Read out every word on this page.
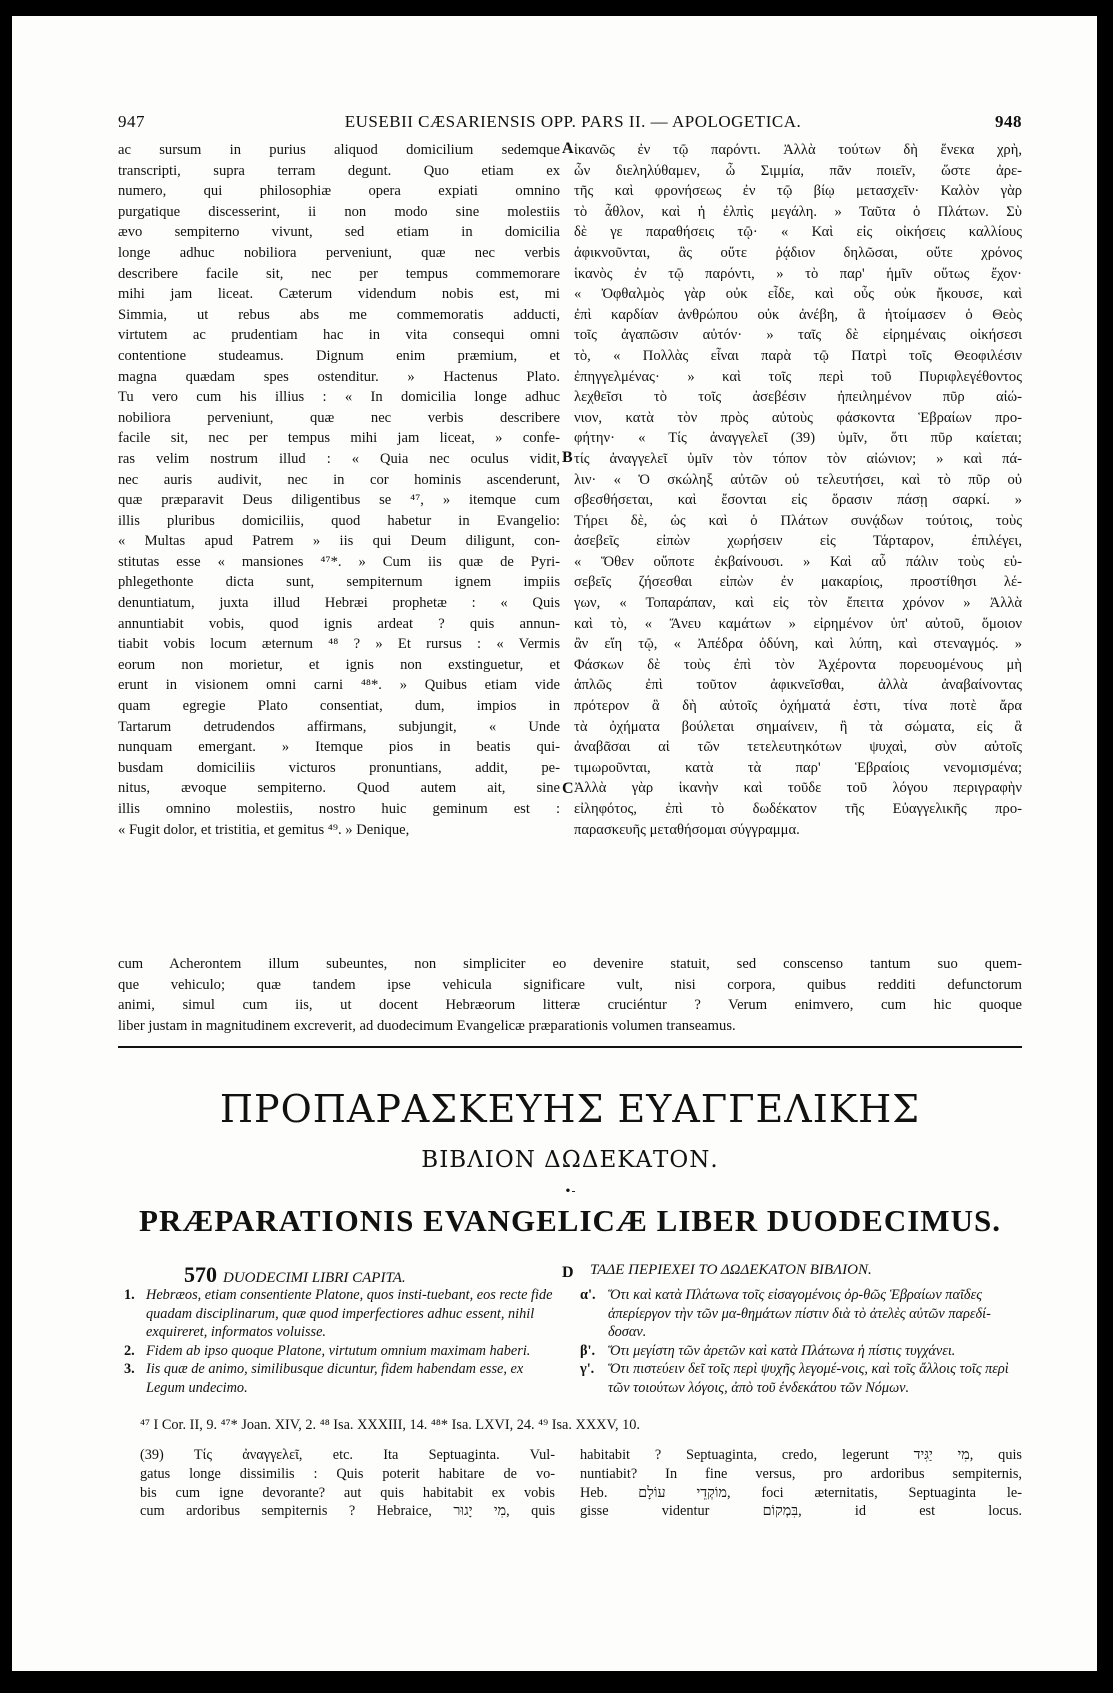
947	EUSEBII CÆSARIENSIS OPP. PARS II. — APOLOGETICA.	948

ac sursum in purius aliquod domicilium sedemque

transcripti, supra terram degunt. Quo etiam ex

numero, qui philosophiæ opera expiati omnino

purgatique discesserint, ii non modo sine molestiis

ævo sempiterno vivunt, sed etiam in domicilia

longe adhuc nobiliora perveniunt, quæ nec verbis

describere facile sit, nec per tempus commemorare

mihi jam liceat. Cæterum videndum nobis est, mi

Simmia, ut rebus abs me commemoratis adducti,

virtutem ac prudentiam hac in vita consequi omni

contentione studeamus. Dignum enim præmium, et

magna quædam spes ostenditur. » Hactenus Plato.

Tu vero cum his illius : « In domicilia longe adhuc

nobiliora perveniunt, quæ nec verbis describere

facile sit, nec per tempus mihi jam liceat, » confe-

ras velim nostrum illud : « Quia nec oculus vidit,

nec auris audivit, nec in cor hominis ascenderunt,

quæ præparavit Deus diligentibus se ⁴⁷, » itemque cum

illis pluribus domiciliis, quod habetur in Evangelio:

« Multas apud Patrem » iis qui Deum diligunt, con-

stitutas esse « mansiones ⁴⁷*. » Cum iis quæ de Pyri-

phlegethonte dicta sunt, sempiternum ignem impiis

denuntiatum, juxta illud Hebræi prophetæ : « Quis

annuntiabit vobis, quod ignis ardeat ? quis annun-

tiabit vobis locum æternum ⁴⁸ ? » Et rursus : « Vermis

eorum non morietur, et ignis non exstinguetur, et

erunt in visionem omni carni ⁴⁸*. » Quibus etiam vide

quam egregie Plato consentiat, dum, impios in

Tartarum detrudendos affirmans, subjungit, « Unde

nunquam emergant. » Itemque pios in beatis qui-

busdam domiciliis victuros pronuntians, addit, pe-

nitus, ævoque sempiterno. Quod autem ait, sine

illis omnino molestiis, nostro huic geminum est :

« Fugit dolor, et tristitia, et gemitus ⁴⁹. » Denique,

ἱκανῶς ἐν τῷ παρόντι. Ἀλλὰ τούτων δὴ ἕνεκα χρὴ,

ὧν διεληλύθαμεν, ὦ Σιμμία, πᾶν ποιεῖν, ὥστε ἀρε-

τῆς καὶ φρονήσεως ἐν τῷ βίῳ μετασχεῖν· Καλὸν γὰρ

τὸ ἆθλον, καὶ ἡ ἐλπὶς μεγάλη. » Ταῦτα ὁ Πλάτων. Σὺ

δὲ γε παραθήσεις τῷ· « Καὶ εἰς οἰκήσεις καλλίους

ἀφικνοῦνται, ἃς οὔτε ῥᾴδιον δηλῶσαι, οὔτε χρόνος

ἱκανὸς ἐν τῷ παρόντι, » τὸ παρ' ἡμῖν οὕτως ἔχον·

« Ὀφθαλμὸς γὰρ οὐκ εἶδε, καὶ οὖς οὐκ ἤκουσε, καὶ

ἐπὶ καρδίαν ἀνθρώπου οὐκ ἀνέβη, ἃ ἡτοίμασεν ὁ Θεὸς

τοῖς ἀγαπῶσιν αὐτόν· » ταῖς δὲ εἰρημέναις οἰκήσεσι

τὸ, « Πολλὰς εἶναι παρὰ τῷ Πατρὶ τοῖς Θεοφιλέσιν

ἐπηγγελμένας· » καὶ τοῖς περὶ τοῦ Πυριφλεγέθοντος

λεχθεῖσι τὸ τοῖς ἀσεβέσιν ἠπειλημένον πῦρ αἰώ-

νιον, κατὰ τὸν πρὸς αὐτοὺς φάσκοντα Ἑβραίων προ-

φήτην· « Τίς ἀναγγελεῖ (39) ὑμῖν, ὅτι πῦρ καίεται;

τίς ἀναγγελεῖ ὑμῖν τὸν τόπον τὸν αἰώνιον; » καὶ πά-

λιν· « Ὁ σκώληξ αὐτῶν οὐ τελευτήσει, καὶ τὸ πῦρ οὐ

σβεσθήσεται, καὶ ἔσονται εἰς ὅρασιν πάσῃ σαρκί. »

Τήρει δὲ, ὡς καὶ ὁ Πλάτων συνᾴδων τούτοις, τοὺς

ἀσεβεῖς εἰπὼν χωρήσειν εἰς Τάρταρον, ἐπιλέγει,

« Ὅθεν οὔποτε ἐκβαίνουσι. » Καὶ αὖ πάλιν τοὺς εὐ-

σεβεῖς ζήσεσθαι εἰπὼν ἐν μακαρίοις, προστίθησι λέ-

γων, « Τοπαράπαν, καὶ εἰς τὸν ἔπειτα χρόνον » Ἀλλὰ

καὶ τὸ, « Ἄνευ καμάτων » εἰρημένον ὑπ' αὐτοῦ, ὅμοιον

ἂν εἴη τῷ, « Ἀπέδρα ὀδύνη, καὶ λύπη, καὶ στεναγμός. »

Φάσκων δὲ τοὺς ἐπὶ τὸν Ἀχέροντα πορευομένους μὴ

ἁπλῶς ἐπὶ τοῦτον ἀφικνεῖσθαι, ἀλλὰ ἀναβαίνοντας

πρότερον ἃ δὴ αὐτοῖς ὀχήματά ἐστι, τίνα ποτὲ ἄρα

τὰ ὀχήματα βούλεται σημαίνειν, ἢ τὰ σώματα, εἰς ἃ

ἀναβᾶσαι αἱ τῶν τετελευτηκότων ψυχαὶ, σὺν αὐτοῖς

τιμωροῦνται, κατὰ τὰ παρ' Ἑβραίοις νενομισμένα;

Ἀλλὰ γὰρ ἱκανὴν καὶ τοῦδε τοῦ λόγου περιγραφὴν

εἰληφότος, ἐπὶ τὸ δωδέκατον τῆς Εὐαγγελικῆς προ-

παρασκευῆς μεταθήσομαι σύγγραμμα.

A
B
C

cum Acherontem illum subeuntes, non simpliciter eo devenire statuit, sed conscenso tantum suo quem-

que vehiculo; quæ tandem ipse vehicula significare vult, nisi corpora, quibus redditi defunctorum

animi, simul cum iis, ut docent Hebræorum litteræ cruciéntur ? Verum enimvero, cum hic quoque

liber justam in magnitudinem excreverit, ad duodecimum Evangelicæ præparationis volumen transeamus.

ΠΡΟΠΑΡΑΣΚΕΥΗΣ ΕΥΑΓΓΕΛΙΚΗΣ
ΒΙΒΛΙΟΝ ΔΩΔΕΚΑΤΟΝ.
•-
PRÆPARATIONIS EVANGELICÆ LIBER DUODECIMUS.
570 DUODECIMI LIBRI CAPITA.	D ΤΑΔΕ ΠΕΡΙΕΧΕΙ ΤΟ ΔΩΔΕΚΑΤΟΝ ΒΙΒΛΙΟΝ.
1. Hebræos, etiam consentiente Platone, quos insti-tuebant, eos recte fide quadam disciplinarum, quæ quod imperfectiores adhuc essent, nihil exquireret, informatos voluisse.
2. Fidem ab ipso quoque Platone, virtutum omnium maximam haberi.
3. Iis quæ de animo, similibusque dicuntur, fidem habendam esse, ex Legum undecimo.
α'. Ὅτι καὶ κατὰ Πλάτωνα τοῖς εἰσαγομένοις ὀρ-θῶς Ἑβραίων παῖδες ἀπερίεργον τὴν τῶν μα-θημάτων πίστιν διὰ τὸ ἀτελὲς αὐτῶν παρεδί-δοσαν.
β'. Ὅτι μεγίστη τῶν ἀρετῶν καὶ κατὰ Πλάτωνα ἡ πίστις τυγχάνει.
γ'. Ὅτι πιστεύειν δεῖ τοῖς περὶ ψυχῆς λεγομέ-νοις, καὶ τοῖς ἄλλοις τοῖς περὶ τῶν τοιούτων λόγοις, ἀπὸ τοῦ ἑνδεκάτου τῶν Νόμων.
⁴⁷ I Cor. II, 9. ⁴⁷* Joan. XIV, 2. ⁴⁸ Isa. XXXIII, 14. ⁴⁸* Isa. LXVI, 24. ⁴⁹ Isa. XXXV, 10.

(39) Τίς ἀναγγελεῖ, etc. Ita Septuaginta. Vul-

gatus longe dissimilis : Quis poterit habitare de vo-

bis cum igne devorante? aut quis habitabit ex vobis

cum ardoribus sempiternis ? Hebraice, מִי יָגוּר, quis

habitabit ? Septuaginta, credo, legerunt מִי יַגִּיד, quis

nuntiabit? In fine versus, pro ardoribus sempiternis,

Heb. מוֹקְדֵי עוֹלָם, foci æternitatis, Septuaginta le-

gisse videntur בִּמְקוֹם, id est locus.
